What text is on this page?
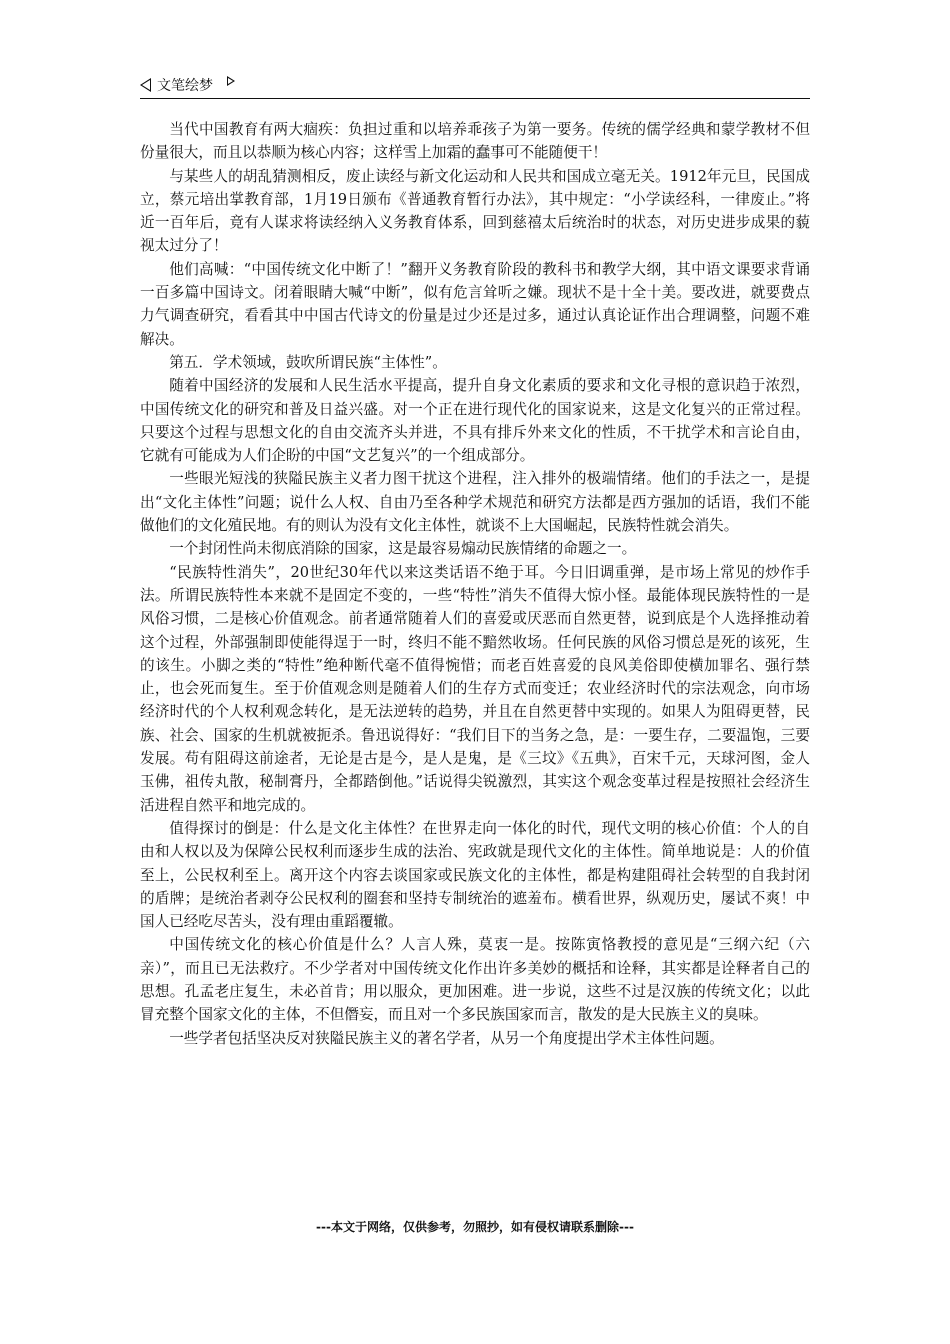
文笔绘梦

当代中国教育有两大痼疾：负担过重和以培养乖孩子为第一要务。传统的儒学经典和蒙学教材不但份量很大，而且以恭顺为核心内容；这样雪上加霜的蠢事可不能随便干！

与某些人的胡乱猜测相反，废止读经与新文化运动和人民共和国成立毫无关。1912年元旦，民国成立，蔡元培出掌教育部，1月19日颁布《普通教育暂行办法》，其中规定：“小学读经科，一律废止。”将近一百年后，竟有人谋求将读经纳入义务教育体系，回到慈禧太后统治时的状态，对历史进步成果的藐视太过分了！

他们高喊：“中国传统文化中断了！”翻开义务教育阶段的教科书和教学大纲，其中语文课要求背诵一百多篇中国诗文。闭着眼睛大喊“中断”，似有危言耸听之嫌。现状不是十全十美。要改进，就要费点力气调查研究，看看其中中国古代诗文的份量是过少还是过多，通过认真论证作出合理调整，问题不难解决。

第五．学术领域，鼓吹所谓民族“主体性”。

随着中国经济的发展和人民生活水平提高，提升自身文化素质的要求和文化寻根的意识趋于浓烈，中国传统文化的研究和普及日益兴盛。对一个正在进行现代化的国家说来，这是文化复兴的正常过程。只要这个过程与思想文化的自由交流齐头并进，不具有排斥外来文化的性质，不干扰学术和言论自由，它就有可能成为人们企盼的中国“文艺复兴”的一个组成部分。

一些眼光短浅的狭隘民族主义者力图干扰这个进程，注入排外的极端情绪。他们的手法之一，是提出“文化主体性”问题；说什么人权、自由乃至各种学术规范和研究方法都是西方强加的话语，我们不能做他们的文化殖民地。有的则认为没有文化主体性，就谈不上大国崛起，民族特性就会消失。

一个封闭性尚未彻底消除的国家，这是最容易煽动民族情绪的命题之一。

“民族特性消失”，20世纪30年代以来这类话语不绝于耳。今日旧调重弹，是市场上常见的炒作手法。所谓民族特性本来就不是固定不变的，一些“特性”消失不值得大惊小怪。最能体现民族特性的一是风俗习惯，二是核心价值观念。前者通常随着人们的喜爱或厌恶而自然更替，说到底是个人选择推动着这个过程，外部强制即使能得逞于一时，终归不能不黯然收场。任何民族的风俗习惯总是死的该死，生的该生。小脚之类的“特性”绝种断代毫不值得惋惜；而老百姓喜爱的良风美俗即使横加罪名、强行禁止，也会死而复生。至于价值观念则是随着人们的生存方式而变迁；农业经济时代的宗法观念，向市场经济时代的个人权利观念转化，是无法逆转的趋势，并且在自然更替中实现的。如果人为阻碍更替，民族、社会、国家的生机就被扼杀。鲁迅说得好：“我们目下的当务之急，是：一要生存，二要温饱，三要发展。苟有阻碍这前途者，无论是古是今，是人是鬼，是《三坟》《五典》，百宋千元，天球河图，金人玉佛，祖传丸散，秘制膏丹，全都踏倒他。”话说得尖锐激烈，其实这个观念变革过程是按照社会经济生活进程自然平和地完成的。

值得探讨的倒是：什么是文化主体性？在世界走向一体化的时代，现代文明的核心价值：个人的自由和人权以及为保障公民权利而逐步生成的法治、宪政就是现代文化的主体性。简单地说是：人的价值至上，公民权利至上。离开这个内容去谈国家或民族文化的主体性，都是构建阻碍社会转型的自我封闭的盾牌；是统治者剥夺公民权利的圈套和坚持专制统治的遮羞布。横看世界，纵观历史，屡试不爽！中国人已经吃尽苦头，没有理由重蹈覆辙。

中国传统文化的核心价值是什么？人言人殊，莫衷一是。按陈寅恪教授的意见是“三纲六纪（六亲）”，而且已无法救疗。不少学者对中国传统文化作出许多美妙的概括和诠释，其实都是诠释者自己的思想。孔孟老庄复生，未必首肯；用以服众，更加困难。进一步说，这些不过是汉族的传统文化；以此冒充整个国家文化的主体，不但僭妄，而且对一个多民族国家而言，散发的是大民族主义的臭味。

一些学者包括坚决反对狭隘民族主义的著名学者，从另一个角度提出学术主体性问题。

---本文于网络，仅供参考，勿照抄，如有侵权请联系删除---
